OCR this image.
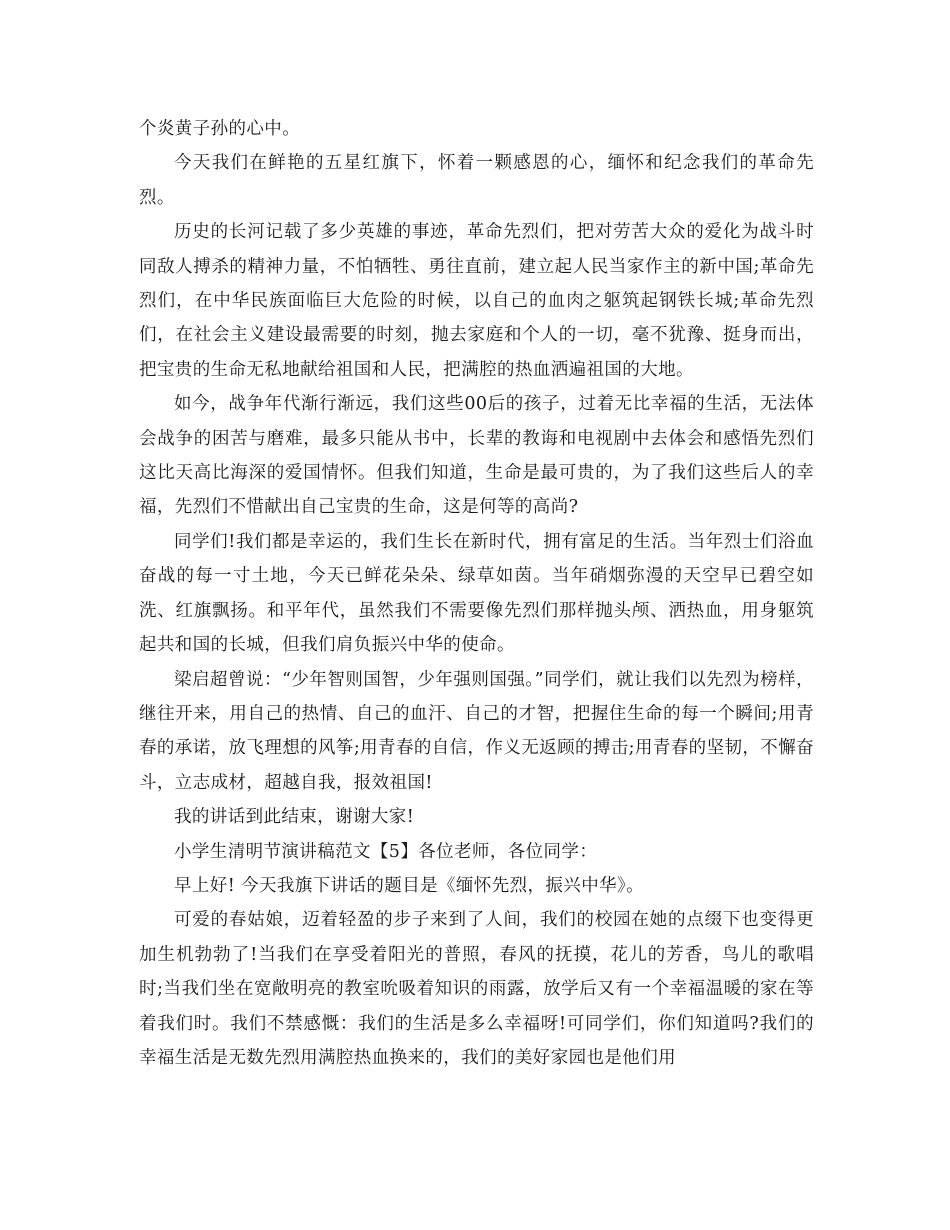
个炎黄子孙的心中。

今天我们在鲜艳的五星红旗下，怀着一颗感恩的心，缅怀和纪念我们的革命先烈。

历史的长河记载了多少英雄的事迹，革命先烈们，把对劳苦大众的爱化为战斗时同敌人搏杀的精神力量，不怕牺牲、勇往直前，建立起人民当家作主的新中国;革命先烈们，在中华民族面临巨大危险的时候，以自己的血肉之躯筑起钢铁长城;革命先烈们，在社会主义建设最需要的时刻，抛去家庭和个人的一切，毫不犹豫、挺身而出，把宝贵的生命无私地献给祖国和人民，把满腔的热血洒遍祖国的大地。

如今，战争年代渐行渐远，我们这些00后的孩子，过着无比幸福的生活，无法体会战争的困苦与磨难，最多只能从书中，长辈的教诲和电视剧中去体会和感悟先烈们这比天高比海深的爱国情怀。但我们知道，生命是最可贵的，为了我们这些后人的幸福，先烈们不惜献出自己宝贵的生命，这是何等的高尚?

同学们!我们都是幸运的，我们生长在新时代，拥有富足的生活。当年烈士们浴血奋战的每一寸土地，今天已鲜花朵朵、绿草如茵。当年硝烟弥漫的天空早已碧空如洗、红旗飘扬。和平年代，虽然我们不需要像先烈们那样抛头颅、洒热血，用身躯筑起共和国的长城，但我们肩负振兴中华的使命。

梁启超曾说：“少年智则国智，少年强则国强。”同学们，就让我们以先烈为榜样，继往开来，用自己的热情、自己的血汗、自己的才智，把握住生命的每一个瞬间;用青春的承诺，放飞理想的风筝;用青春的自信，作义无返顾的搏击;用青春的坚韧，不懈奋斗，立志成材，超越自我，报效祖国!

我的讲话到此结束，谢谢大家!

小学生清明节演讲稿范文【5】各位老师，各位同学：

早上好! 今天我旗下讲话的题目是《缅怀先烈，振兴中华》。

可爱的春姑娘，迈着轻盈的步子来到了人间，我们的校园在她的点缀下也变得更加生机勃勃了!当我们在享受着阳光的普照，春风的抚摸，花儿的芳香，鸟儿的歌唱时;当我们坐在宽敞明亮的教室吮吸着知识的雨露，放学后又有一个幸福温暖的家在等着我们时。我们不禁感慨：我们的生活是多么幸福呀!可同学们，你们知道吗?我们的幸福生活是无数先烈用满腔热血换来的，我们的美好家园也是他们用
